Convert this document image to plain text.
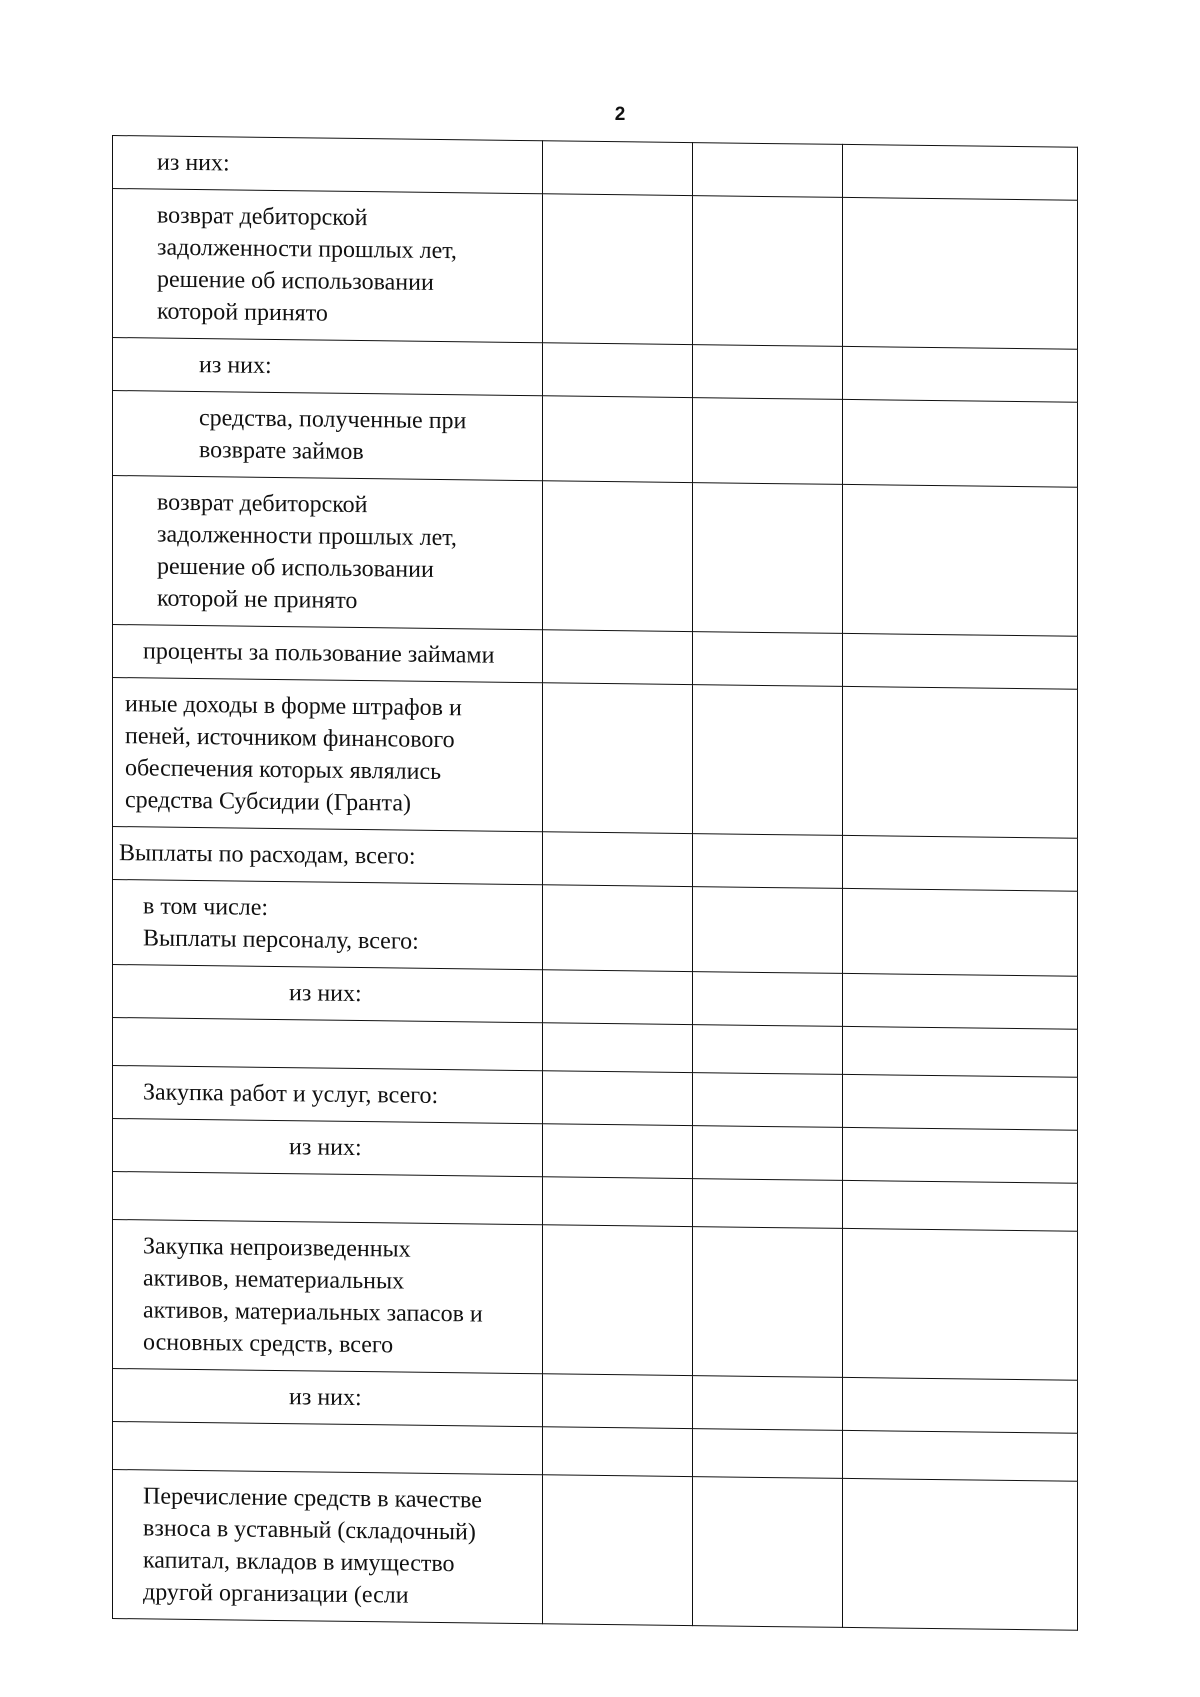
2
из них:			

возврат дебиторской
задолженности прошлых лет,
решение об использовании
которой принято			

из них:			

средства, полученные при
возврате займов			

возврат дебиторской
задолженности прошлых лет,
решение об использовании
которой не принято			

проценты за пользование займами			

иные доходы в форме штрафов и
пеней, источником финансового
обеспечения которых являлись
средства Субсидии (Гранта)			

Выплаты по расходам, всего:			

в том числе:
Выплаты персоналу, всего:			

из них:			

Закупка работ и услуг, всего:			

из них:			

Закупка непроизведенных
активов, нематериальных
активов, материальных запасов и
основных средств, всего			

из них:			

Перечисление средств в качестве
взноса в уставный (складочный)
капитал, вкладов в имущество
другой организации (если			
